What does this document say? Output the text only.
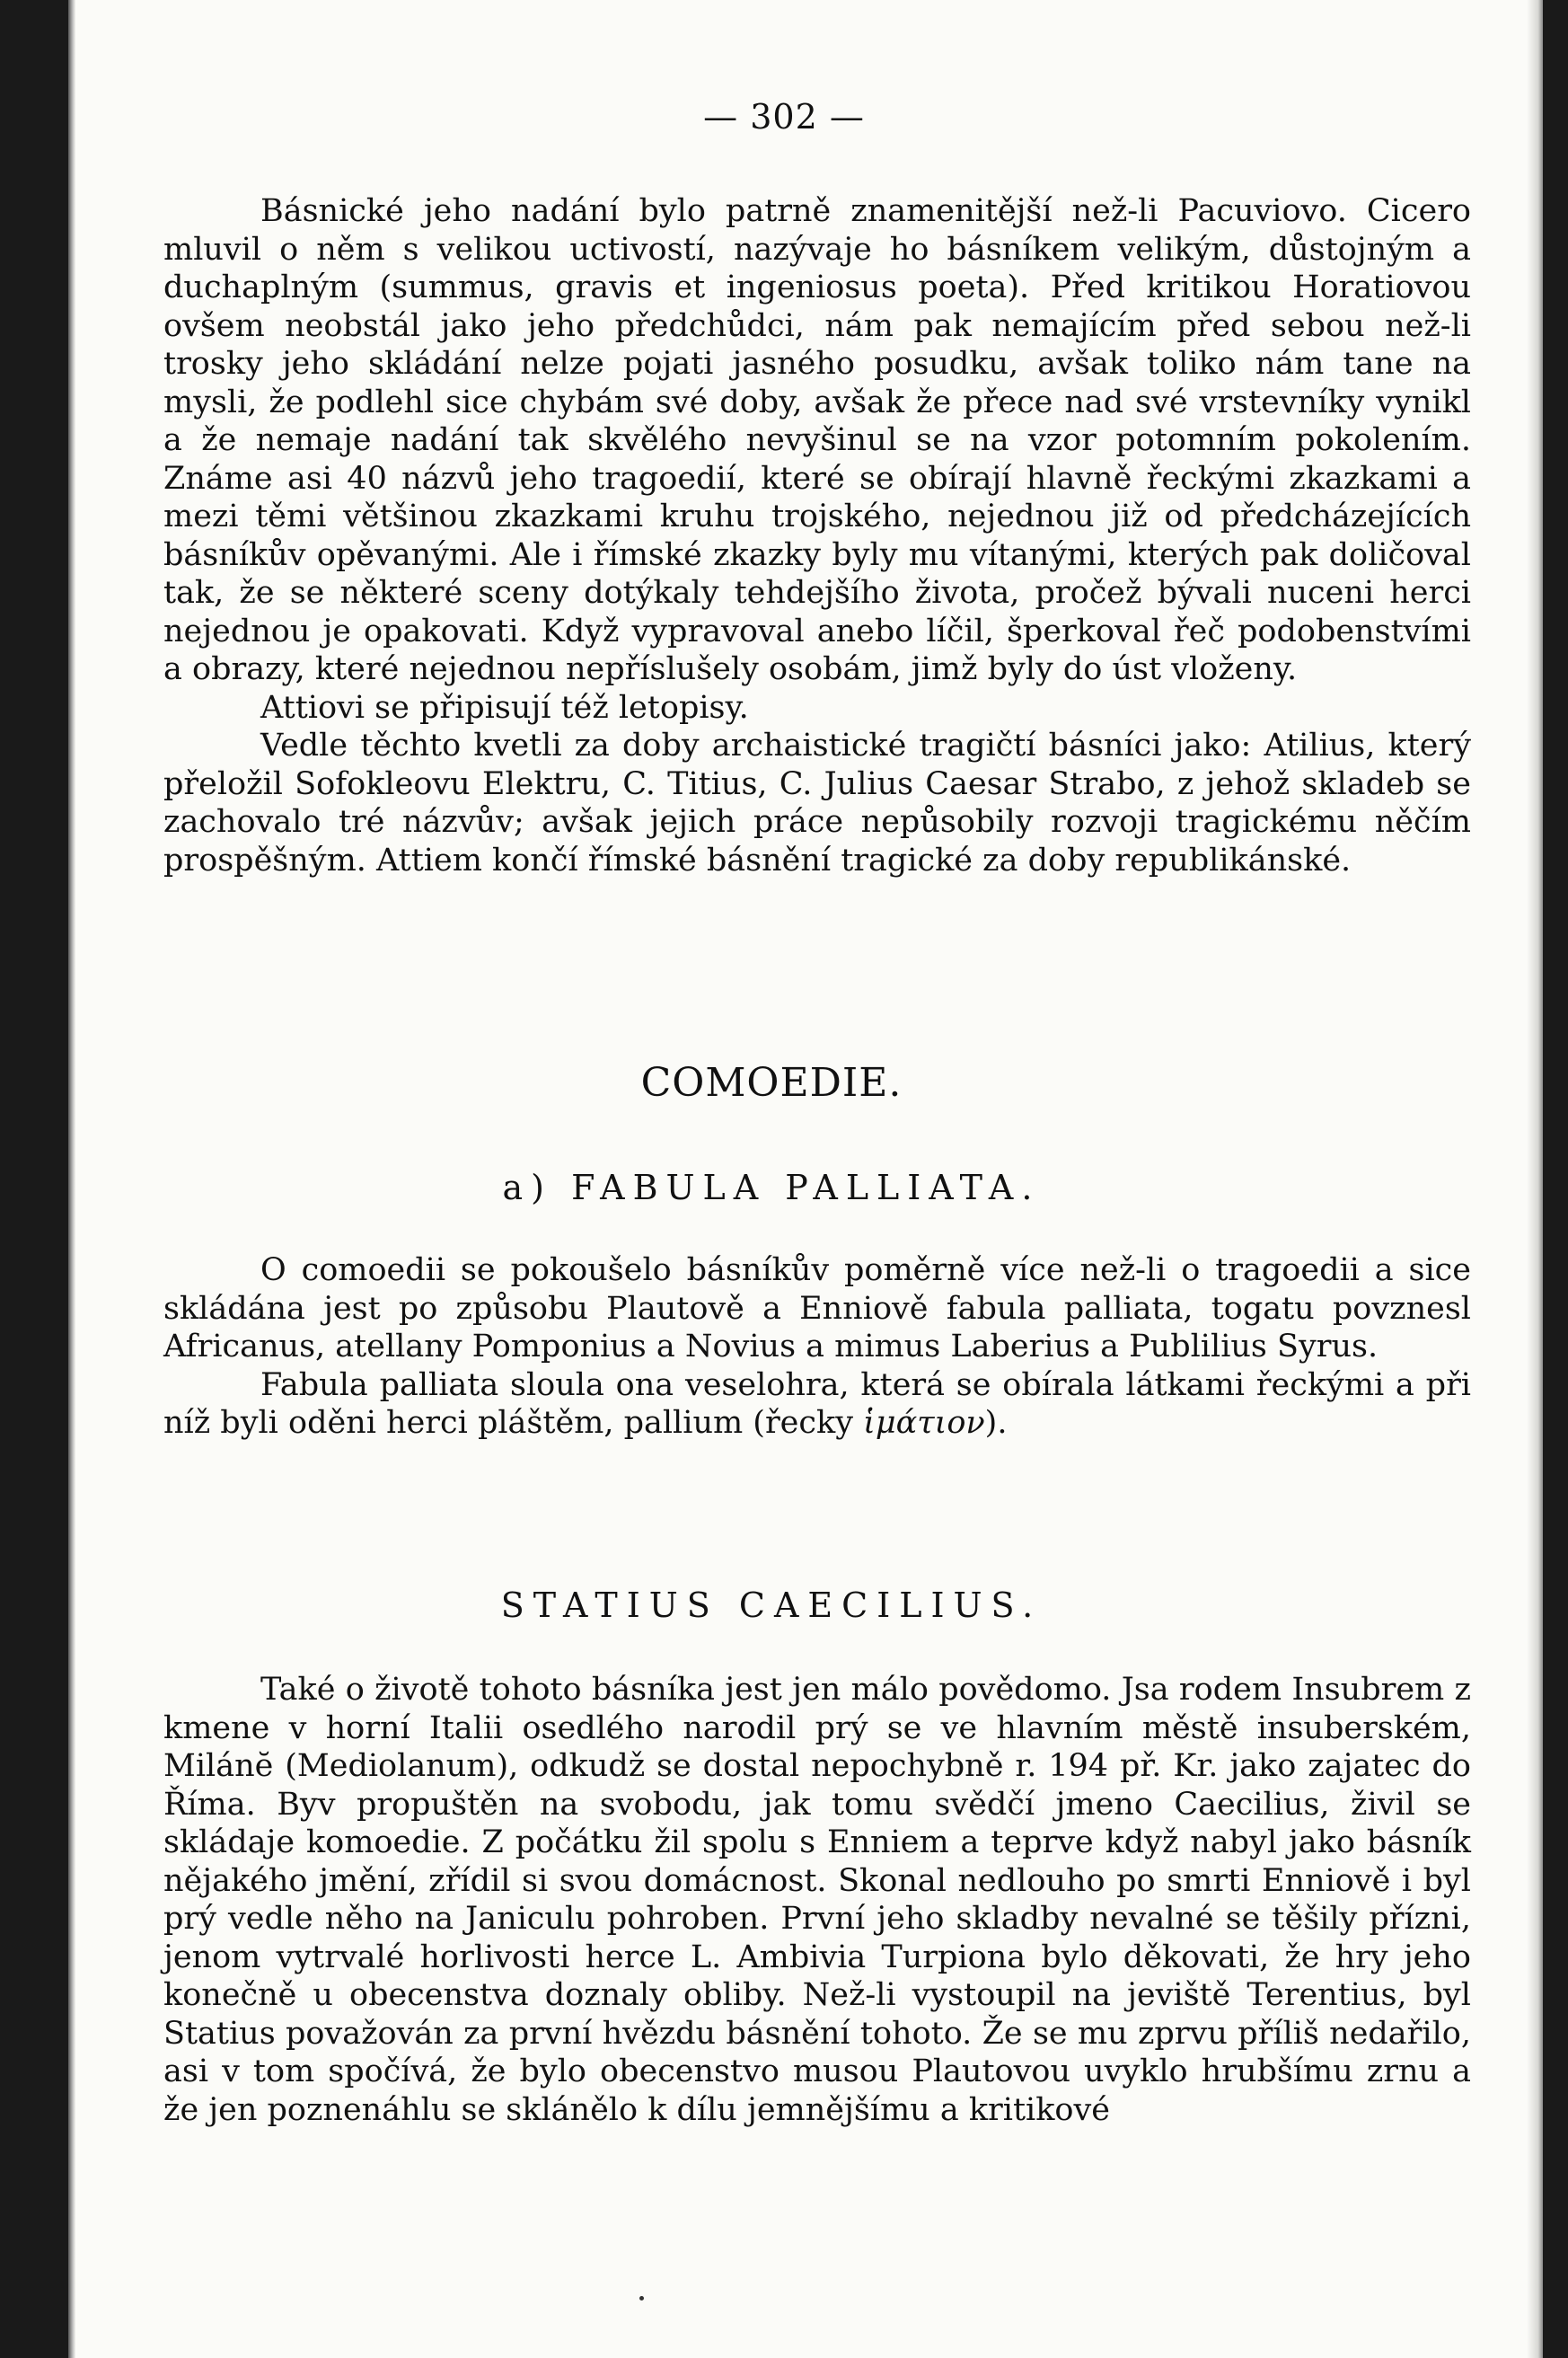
— 302 —

Básnické jeho nadání bylo patrně znamenitější než-li Pacuviovo. Cicero mluvil o něm s velikou uctivostí, nazývaje ho básníkem velikým, důstojným a duchaplným (summus, gravis et ingeniosus poeta). Před kritikou Horatiovou ovšem neobstál jako jeho předchůdci, nám pak nemajícím před sebou než-li trosky jeho skládání nelze pojati jasného posudku, avšak toliko nám tane na mysli, že podlehl sice chybám své doby, avšak že přece nad své vrstevníky vynikl a že nemaje nadání tak skvělého nevyšinul se na vzor potomním pokolením. Známe asi 40 názvů jeho tragoedií, které se obírají hlavně řeckými zkazkami a mezi těmi většinou zkazkami kruhu trojského, nejednou již od předcházejících básníkův opěvanými. Ale i římské zkazky byly mu vítanými, kterých pak doličoval tak, že se některé sceny dotýkaly tehdejšího života, pročež bývali nuceni herci nejednou je opakovati. Když vypravoval anebo líčil, šperkoval řeč podobenstvími a obrazy, které nejednou nepříslušely osobám, jimž byly do úst vloženy.

Attiovi se připisují též letopisy.

Vedle těchto kvetli za doby archaistické tragičtí básníci jako: Atilius, který přeložil Sofokleovu Elektru, C. Titius, C. Julius Caesar Strabo, z jehož skladeb se zachovalo tré názvův; avšak jejich práce nepůsobily rozvoji tragickému něčím prospěšným. Attiem končí římské básnění tragické za doby republikánské.

COMOEDIE.
a) FABULA PALLIATA.

O comoedii se pokoušelo básníkův poměrně více než-li o tragoedii a sice skládána jest po způsobu Plautově a Enniově fabula palliata, togatu povznesl Africanus, atellany Pomponius a Novius a mimus Laberius a Publilius Syrus.

Fabula palliata sloula ona veselohra, která se obírala látkami řeckými a při níž byli oděni herci pláštěm, pallium (řecky ἱμάτιον).

STATIUS CAECILIUS.

Také o životě tohoto básníka jest jen málo povědomo. Jsa rodem Insubrem z kmene v horní Italii osedlého narodil prý se ve hlavním městě insuberském, Milánĕ (Mediolanum), odkudž se dostal nepochybně r. 194 př. Kr. jako zajatec do Říma. Byv propuštěn na svobodu, jak tomu svědčí jmeno Caecilius, živil se skládaje komoedie. Z počátku žil spolu s Enniem a teprve když nabyl jako básník nějakého jmění, zřídil si svou domácnost. Skonal nedlouho po smrti Enniově i byl prý vedle něho na Janiculu pohroben. První jeho skladby nevalné se těšily přízni, jenom vytrvalé horlivosti herce L. Ambivia Turpiona bylo děkovati, že hry jeho konečně u obecenstva doznaly obliby. Než-li vystoupil na jeviště Terentius, byl Statius považován za první hvězdu básnění tohoto. Že se mu zprvu příliš nedařilo, asi v tom spočívá, že bylo obecenstvo musou Plautovou uvyklo hrubšímu zrnu a že jen poznenáhlu se sklánělo k dílu jemnějšímu a kritikové
